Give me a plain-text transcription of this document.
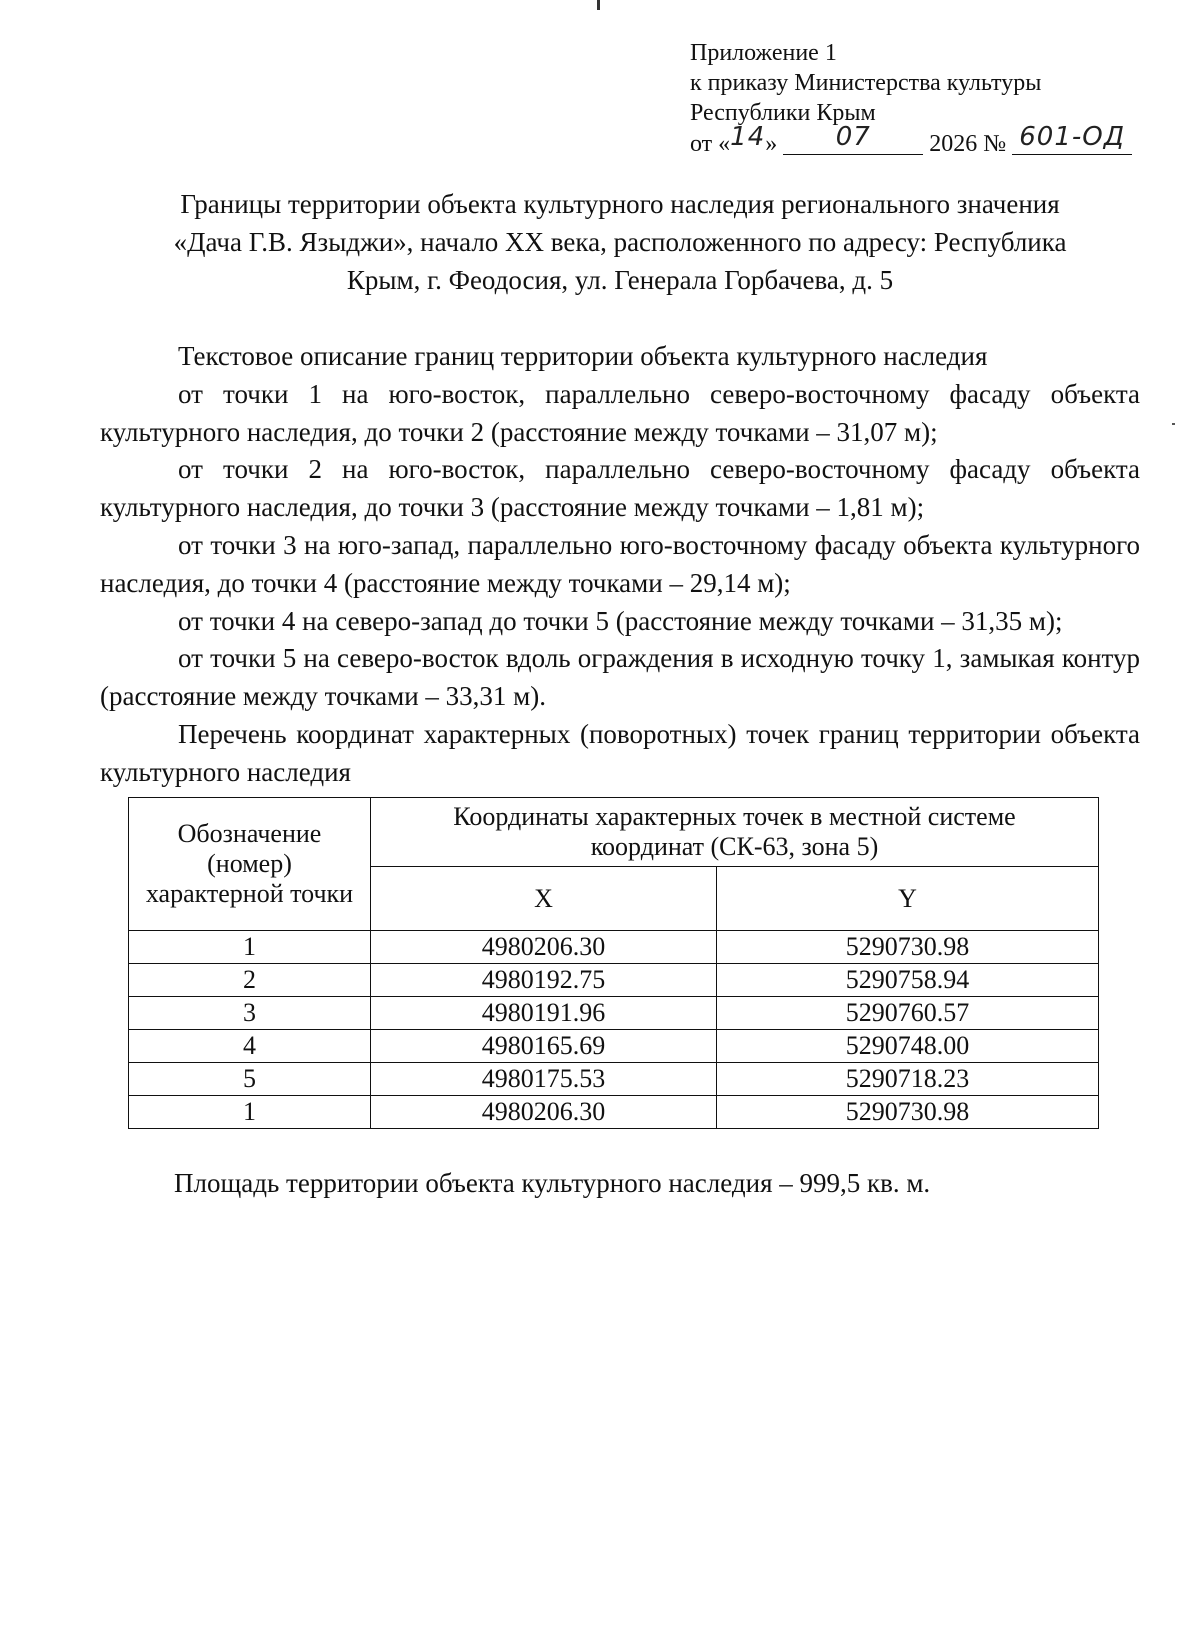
Приложение 1
к приказу Министерства культуры
Республики Крым
от «14» 07 2026 № 601-ОД
Границы территории объекта культурного наследия регионального значения
«Дача Г.В. Языджи», начало XX века, расположенного по адресу: Республика
Крым, г. Феодосия, ул. Генерала Горбачева, д. 5

Текстовое описание границ территории объекта культурного наследия

от точки 1 на юго-восток, параллельно северо-восточному фасаду объекта культурного наследия, до точки 2 (расстояние между точками – 31,07 м);

от точки 2 на юго-восток, параллельно северо-восточному фасаду объекта культурного наследия, до точки 3 (расстояние между точками – 1,81 м);

от точки 3 на юго-запад, параллельно юго-восточному фасаду объекта культурного наследия, до точки 4 (расстояние между точками – 29,14 м);

от точки 4 на северо-запад до точки 5 (расстояние между точками – 31,35 м);

от точки 5 на северо-восток вдоль ограждения в исходную точку 1, замыкая контур (расстояние между точками – 33,31 м).

Перечень координат характерных (поворотных) точек границ территории объекта культурного наследия

Обозначение (номер) характерной точки	Координаты характерных точек в местной системе координат (СК-63, зона 5)	
	X	Y
1	4980206.30	5290730.98
2	4980192.75	5290758.94
3	4980191.96	5290760.57
4	4980165.69	5290748.00
5	4980175.53	5290718.23
1	4980206.30	5290730.98
Площадь территории объекта культурного наследия – 999,5 кв. м.
